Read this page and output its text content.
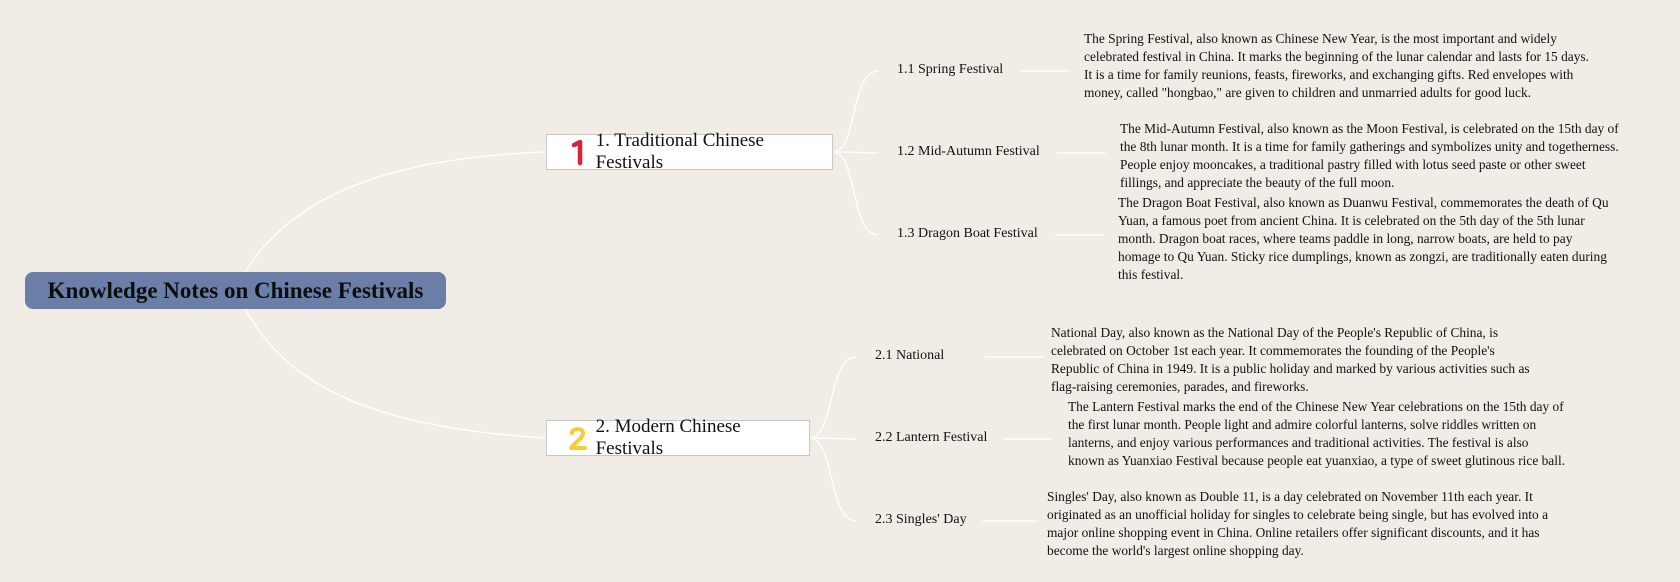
Knowledge Notes on Chinese Festivals
1. Traditional Chinese Festivals
1.1 Spring Festival
The Spring Festival, also known as Chinese New Year, is the most important and widely celebrated festival in China. It marks the beginning of the lunar calendar and lasts for 15 days. It is a time for family reunions, feasts, fireworks, and exchanging gifts. Red envelopes with money, called "hongbao," are given to children and unmarried adults for good luck.
1.2 Mid-Autumn Festival
The Mid-Autumn Festival, also known as the Moon Festival, is celebrated on the 15th day of the 8th lunar month. It is a time for family gatherings and symbolizes unity and togetherness. People enjoy mooncakes, a traditional pastry filled with lotus seed paste or other sweet fillings, and appreciate the beauty of the full moon.
1.3 Dragon Boat Festival
The Dragon Boat Festival, also known as Duanwu Festival, commemorates the death of Qu Yuan, a famous poet from ancient China. It is celebrated on the 5th day of the 5th lunar month. Dragon boat races, where teams paddle in long, narrow boats, are held to pay homage to Qu Yuan. Sticky rice dumplings, known as zongzi, are traditionally eaten during this festival.
2. Modern Chinese Festivals
2.1 National
National Day, also known as the National Day of the People's Republic of China, is celebrated on October 1st each year. It commemorates the founding of the People's Republic of China in 1949. It is a public holiday and marked by various activities such as flag-raising ceremonies, parades, and fireworks.
2.2 Lantern Festival
The Lantern Festival marks the end of the Chinese New Year celebrations on the 15th day of the first lunar month. People light and admire colorful lanterns, solve riddles written on lanterns, and enjoy various performances and traditional activities. The festival is also known as Yuanxiao Festival because people eat yuanxiao, a type of sweet glutinous rice ball.
2.3 Singles' Day
Singles' Day, also known as Double 11, is a day celebrated on November 11th each year. It originated as an unofficial holiday for singles to celebrate being single, but has evolved into a major online shopping event in China. Online retailers offer significant discounts, and it has become the world's largest online shopping day.
